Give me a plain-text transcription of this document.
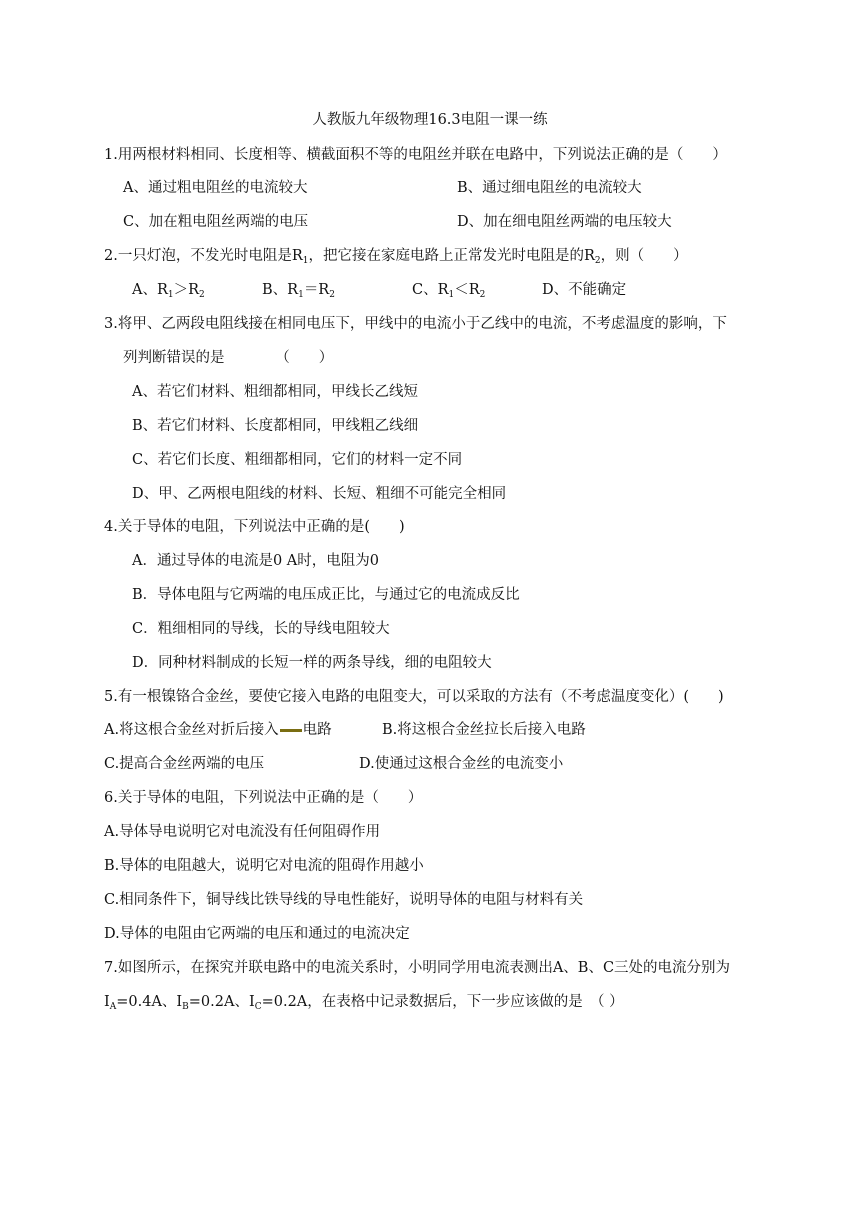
人教版九年级物理16.3电阻一课一练
1.用两根材料相同、长度相等、横截面积不等的电阻丝并联在电路中，下列说法正确的是（　　）
A、通过粗电阻丝的电流较大	B、通过细电阻丝的电流较大
C、加在粗电阻丝两端的电压	D、加在细电阻丝两端的电压较大
2.一只灯泡，不发光时电阻是$R_1$，把它接在家庭电路上正常发光时电阻是的$R_2$，则（　　）
A、$R_1>R_2$	B、$R_1=R_2$	C、$R_1<R_2$	D、不能确定
3.将甲、乙两段电阻线接在相同电压下，甲线中的电流小于乙线中的电流，不考虑温度的影响，下
列判断错误的是　　　　（　　）
A、若它们材料、粗细都相同，甲线长乙线短
B、若它们材料、长度都相同，甲线粗乙线细
C、若它们长度、粗细都相同，它们的材料一定不同
D、甲、乙两根电阻线的材料、长短、粗细不可能完全相同
4.关于导体的电阻，下列说法中正确的是(　　)
A．通过导体的电流是0 A时，电阻为0
B．导体电阻与它两端的电压成正比，与通过它的电流成反比
C．粗细相同的导线，长的导线电阻较大
D．同种材料制成的长短一样的两条导线，细的电阻较大
5.有一根镍铬合金丝，要使它接入电路的电阻变大，可以采取的方法有（不考虑温度变化）(　　)
A.将这根合金丝对折后接入 电路	B.将这根合金丝拉长后接入电路
C.提高合金丝两端的电压	D.使通过这根合金丝的电流变小
6.关于导体的电阻，下列说法中正确的是（　　）
A.导体导电说明它对电流没有任何阻碍作用
B.导体的电阻越大，说明它对电流的阻碍作用越小
C.相同条件下，铜导线比铁导线的导电性能好，说明导体的电阻与材料有关
D.导体的电阻由它两端的电压和通过的电流决定
7.如图所示，在探究并联电路中的电流关系时，小明同学用电流表测出A、B、C三处的电流分别为
$I_A=0.4A$、$I_B=0.2A$、$I_C=0.2A$，在表格中记录数据后，下一步应该做的是　（ ）
